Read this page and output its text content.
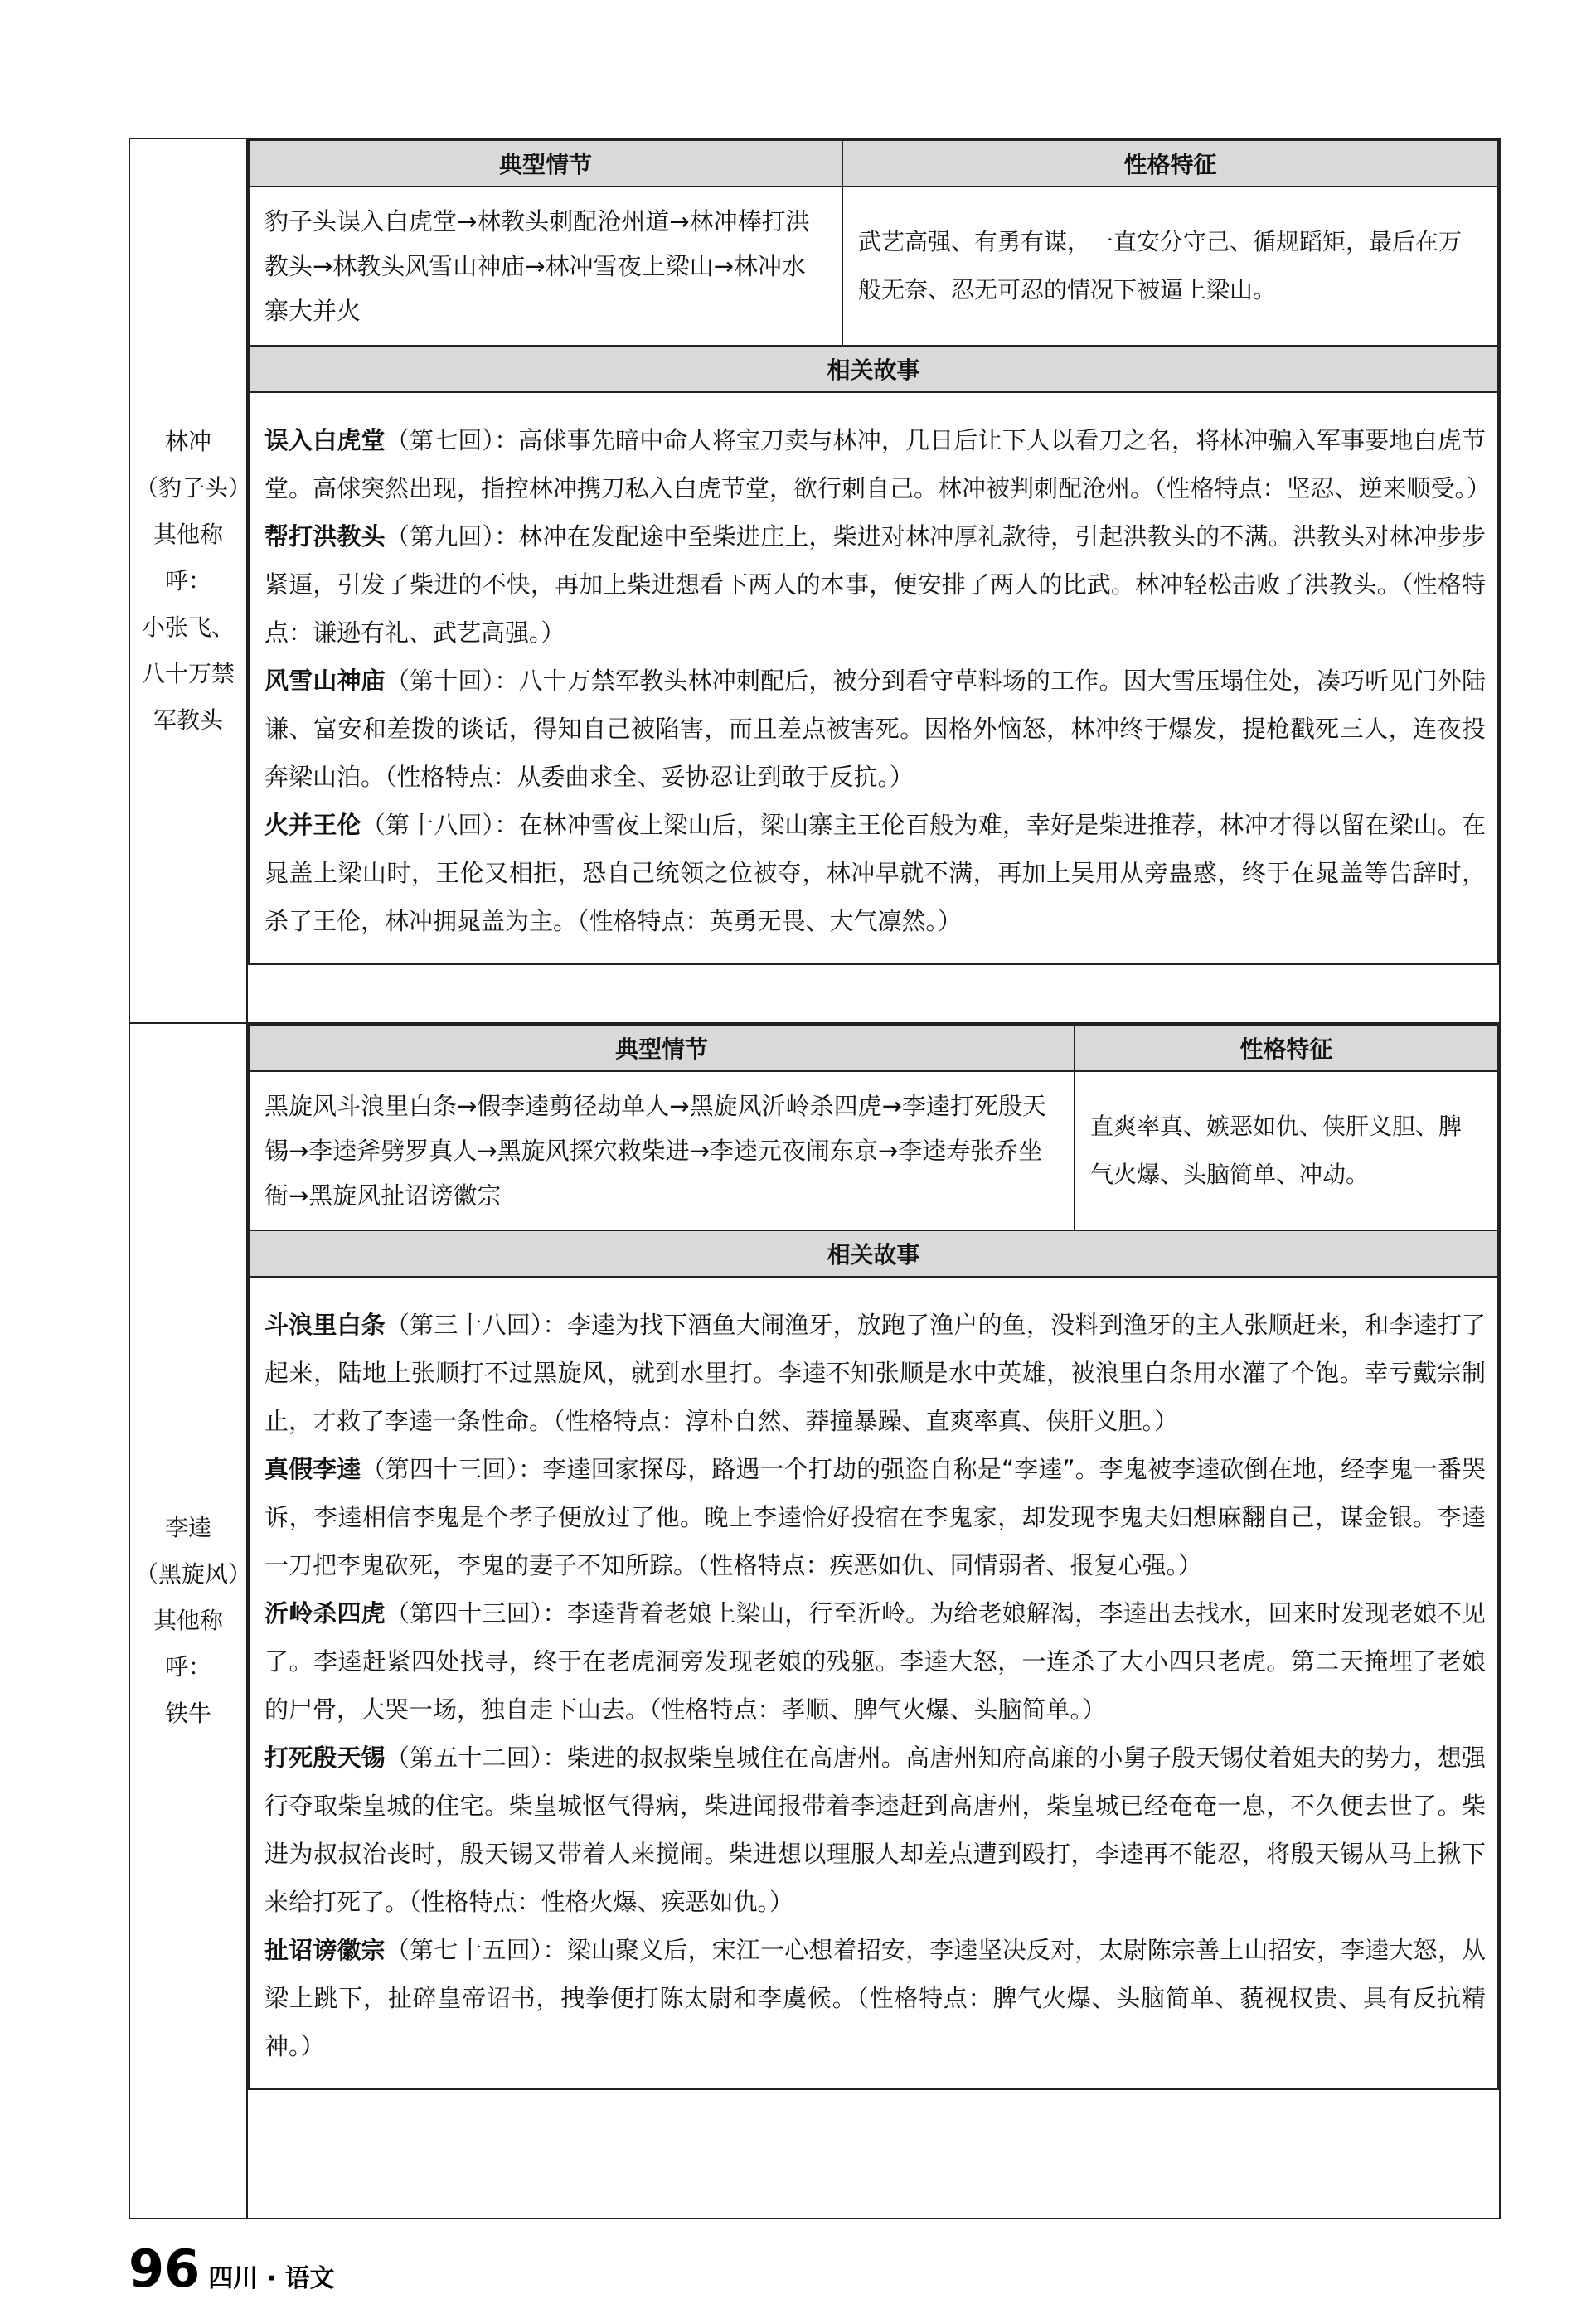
林冲
（豹子头）
其他称呼：
小张飞、八十万禁军教头

典型情节	性格特征
豹子头误入白虎堂→林教头刺配沧州道→林冲棒打洪教头→林教头风雪山神庙→林冲雪夜上梁山→林冲水寨大并火	武艺高强、有勇有谋，一直安分守己、循规蹈矩，最后在万般无奈、忍无可忍的情况下被逼上梁山。
相关故事

误入白虎堂（第七回）：高俅事先暗中命人将宝刀卖与林冲，几日后让下人以看刀之名，将林冲骗入军事要地白虎节堂。高俅突然出现，指控林冲携刀私入白虎节堂，欲行刺自己。林冲被判刺配沧州。（性格特点：坚忍、逆来顺受。）

帮打洪教头（第九回）：林冲在发配途中至柴进庄上，柴进对林冲厚礼款待，引起洪教头的不满。洪教头对林冲步步紧逼，引发了柴进的不快，再加上柴进想看下两人的本事，便安排了两人的比武。林冲轻松击败了洪教头。（性格特点：谦逊有礼、武艺高强。）

风雪山神庙（第十回）：八十万禁军教头林冲刺配后，被分到看守草料场的工作。因大雪压塌住处，凑巧听见门外陆谦、富安和差拨的谈话，得知自己被陷害，而且差点被害死。因格外恼怒，林冲终于爆发，提枪戳死三人，连夜投奔梁山泊。（性格特点：从委曲求全、妥协忍让到敢于反抗。）

火并王伦（第十八回）：在林冲雪夜上梁山后，梁山寨主王伦百般为难，幸好是柴进推荐，林冲才得以留在梁山。在晁盖上梁山时，王伦又相拒，恐自己统领之位被夺，林冲早就不满，再加上吴用从旁蛊惑，终于在晁盖等告辞时，杀了王伦，林冲拥晁盖为主。（性格特点：英勇无畏、大气凛然。）

李逵
（黑旋风）
其他称呼：
铁牛

典型情节	性格特征
黑旋风斗浪里白条→假李逵剪径劫单人→黑旋风沂岭杀四虎→李逵打死殷天锡→李逵斧劈罗真人→黑旋风探穴救柴进→李逵元夜闹东京→李逵寿张乔坐衙→黑旋风扯诏谤徽宗	直爽率真、嫉恶如仇、侠肝义胆、脾气火爆、头脑简单、冲动。
相关故事

斗浪里白条（第三十八回）：李逵为找下酒鱼大闹渔牙，放跑了渔户的鱼，没料到渔牙的主人张顺赶来，和李逵打了起来，陆地上张顺打不过黑旋风，就到水里打。李逵不知张顺是水中英雄，被浪里白条用水灌了个饱。幸亏戴宗制止，才救了李逵一条性命。（性格特点：淳朴自然、莽撞暴躁、直爽率真、侠肝义胆。）

真假李逵（第四十三回）：李逵回家探母，路遇一个打劫的强盗自称是“李逵”。李鬼被李逵砍倒在地，经李鬼一番哭诉，李逵相信李鬼是个孝子便放过了他。晚上李逵恰好投宿在李鬼家，却发现李鬼夫妇想麻翻自己，谋金银。李逵一刀把李鬼砍死，李鬼的妻子不知所踪。（性格特点：疾恶如仇、同情弱者、报复心强。）

沂岭杀四虎（第四十三回）：李逵背着老娘上梁山，行至沂岭。为给老娘解渴，李逵出去找水，回来时发现老娘不见了。李逵赶紧四处找寻，终于在老虎洞旁发现老娘的残躯。李逵大怒，一连杀了大小四只老虎。第二天掩埋了老娘的尸骨，大哭一场，独自走下山去。（性格特点：孝顺、脾气火爆、头脑简单。）

打死殷天锡（第五十二回）：柴进的叔叔柴皇城住在高唐州。高唐州知府高廉的小舅子殷天锡仗着姐夫的势力，想强行夺取柴皇城的住宅。柴皇城怄气得病，柴进闻报带着李逵赶到高唐州，柴皇城已经奄奄一息，不久便去世了。柴进为叔叔治丧时，殷天锡又带着人来搅闹。柴进想以理服人却差点遭到殴打，李逵再不能忍，将殷天锡从马上揪下来给打死了。（性格特点：性格火爆、疾恶如仇。）

扯诏谤徽宗（第七十五回）：梁山聚义后，宋江一心想着招安，李逵坚决反对，太尉陈宗善上山招安，李逵大怒，从梁上跳下，扯碎皇帝诏书，拽拳便打陈太尉和李虞候。（性格特点：脾气火爆、头脑简单、藐视权贵、具有反抗精神。）

96 四川 · 语文
